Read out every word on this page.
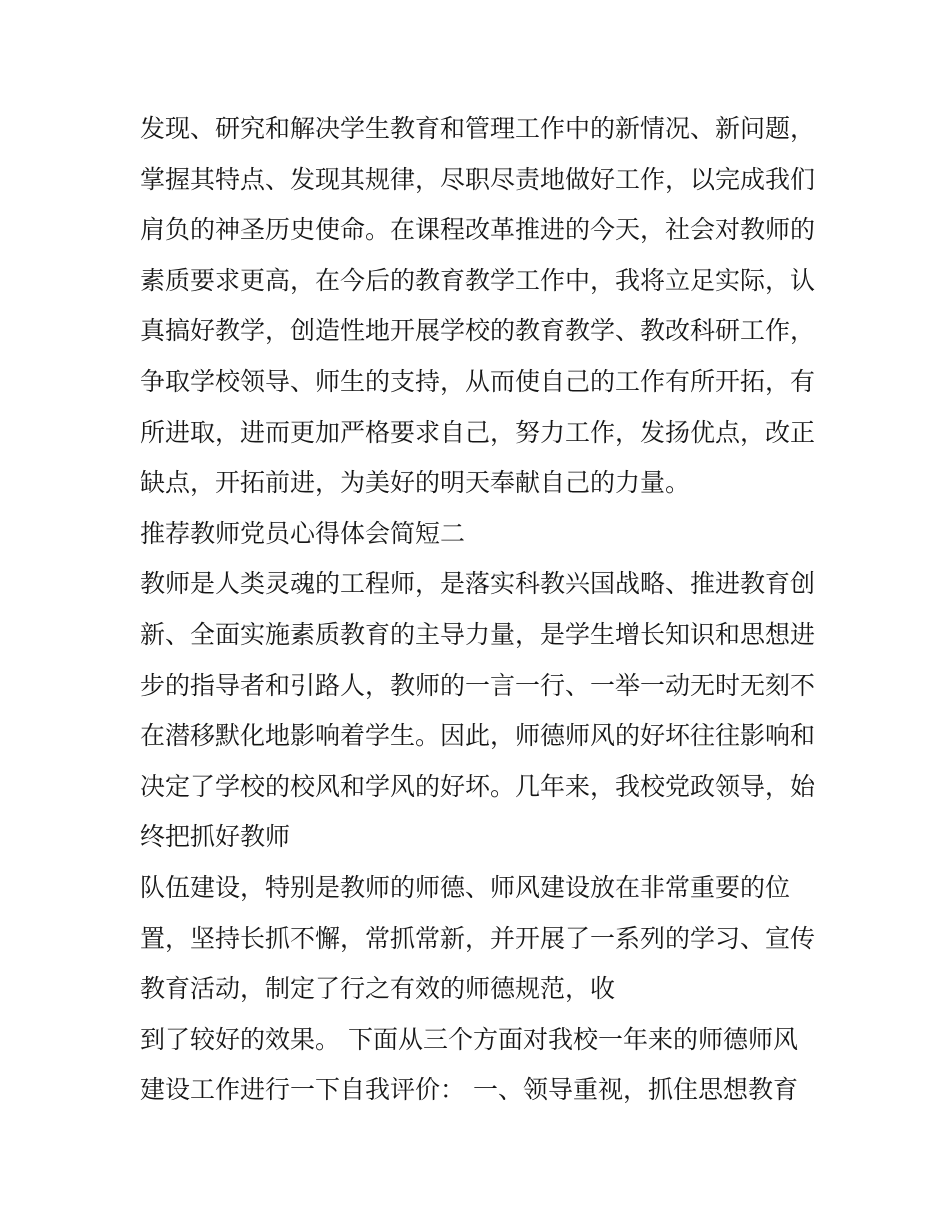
发现、研究和解决学生教育和管理工作中的新情况、新问题，
掌握其特点、发现其规律，尽职尽责地做好工作，以完成我们
肩负的神圣历史使命。在课程改革推进的今天，社会对教师的
素质要求更高，在今后的教育教学工作中，我将立足实际，认
真搞好教学，创造性地开展学校的教育教学、教改科研工作，
争取学校领导、师生的支持，从而使自己的工作有所开拓，有
所进取，进而更加严格要求自己，努力工作，发扬优点，改正
缺点，开拓前进，为美好的明天奉献自己的力量。
推荐教师党员心得体会简短二
教师是人类灵魂的工程师，是落实科教兴国战略、推进教育创
新、全面实施素质教育的主导力量，是学生增长知识和思想进
步的指导者和引路人，教师的一言一行、一举一动无时无刻不
在潜移默化地影响着学生。因此，师德师风的好坏往往影响和
决定了学校的校风和学风的好坏。几年来，我校党政领导，始
终把抓好教师
队伍建设，特别是教师的师德、师风建设放在非常重要的位
置，坚持长抓不懈，常抓常新，并开展了一系列的学习、宣传
教育活动，制定了行之有效的师德规范，收
到了较好的效果。 下面从三个方面对我校一年来的师德师风
建设工作进行一下自我评价： 一、领导重视，抓住思想教育
